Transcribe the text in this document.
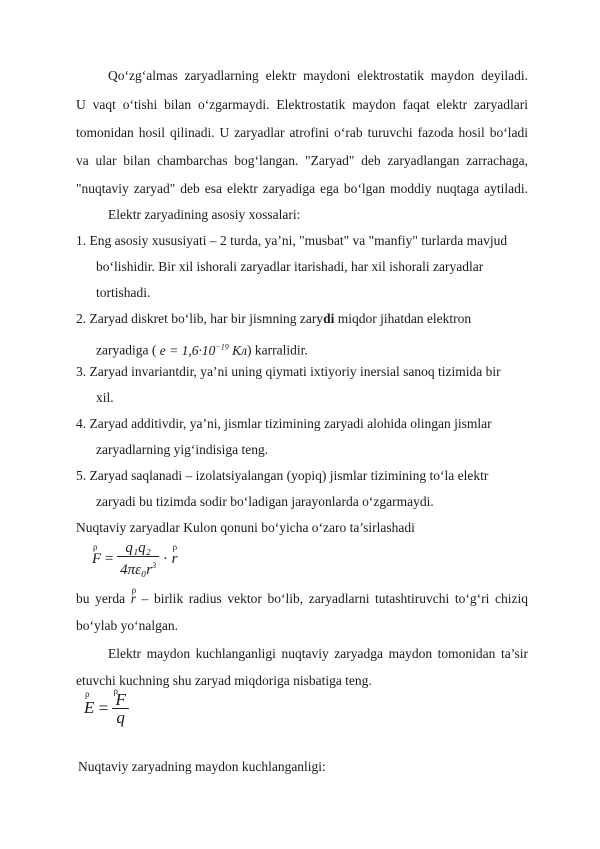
Qo‘zg‘almas zaryadlarning elektr maydoni elektrostatik maydon deyiladi.
U vaqt o‘tishi bilan o‘zgarmaydi. Elektrostatik maydon faqat elektr zaryadlari
tomonidan hosil qilinadi. U zaryadlar atrofini o‘rab turuvchi fazoda hosil bo‘ladi
va ular bilan chambarchas bog‘langan. "Zaryad" deb zaryadlangan zarrachaga,
"nuqtaviy zaryad" deb esa elektr zaryadiga ega bo‘lgan moddiy nuqtaga aytiladi.
Elektr zaryadining asosiy xossalari:
1. Eng asosiy xususiyati – 2 turda, ya’ni, "musbat" va "manfiy" turlarda mavjud
bo‘lishidir. Bir xil ishorali zaryadlar itarishadi, har xil ishorali zaryadlar
tortishadi.
2. Zaryad diskret bo‘lib, har bir jismning zarydi miqdor jihatdan elektron
zaryadiga ( $e = 1,6\cdot 10^{-19}$ Kл) karralidir.
3. Zaryad invariantdir, ya’ni uning qiymati ixtiyoriy inersial sanoq tizimida bir
xil.
4. Zaryad additivdir, ya’ni, jismlar tizimining zaryadi alohida olingan jismlar
zaryadlarning yig‘indisiga teng.
5. Zaryad saqlanadi – izolatsiyalangan (yopiq) jismlar tizimining to‘la elektr
zaryadi bu tizimda sodir bo‘ladigan jarayonlarda o‘zgarmaydi.
Nuqtaviy zaryadlar Kulon qonuni bo‘yicha o‘zaro ta’sirlashadi
ρ $F = \frac{\text{q₁q₂}}{4\pi\varepsilon_0r^3} \cdot \rho$ r
bu yerda ρ r – birlik radius vektor bo‘lib, zaryadlarni tutashtiruvchi to‘g‘ri chiziq
bo‘ylab yo‘nalgan.
Elektr maydon kuchlanganligi nuqtaviy zaryadga maydon tomonidan ta’sir
etuvchi kuchning shu zaryad miqdoriga nisbatiga teng.
ρ E =
ρ $\frac{F}{q}$
Nuqtaviy zaryadning maydon kuchlanganligi:
